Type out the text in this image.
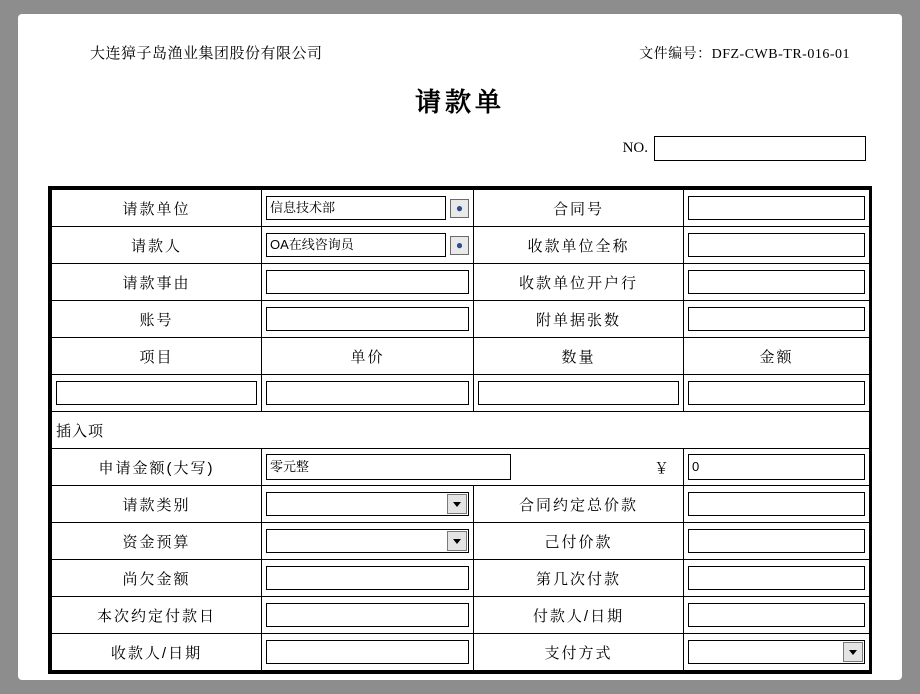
大连獐子岛渔业集团股份有限公司	文件编号：DFZ-CWB-TR-016-01
请款单
NO.
请款单位	信息技术部 ●	合同号	

请款人	OA在线咨询员 ●	收款单位全称	

请款事由		收款单位开户行	

账号		附单据张数	

项目	单价	数量	金额

插入项			
申请金额(大写)	零元整 ￥		0

请款类别		合同约定总价款	

资金预算		己付价款	

尚欠金额		第几次付款	

本次约定付款日		付款人/日期	

收款人/日期		支付方式	
